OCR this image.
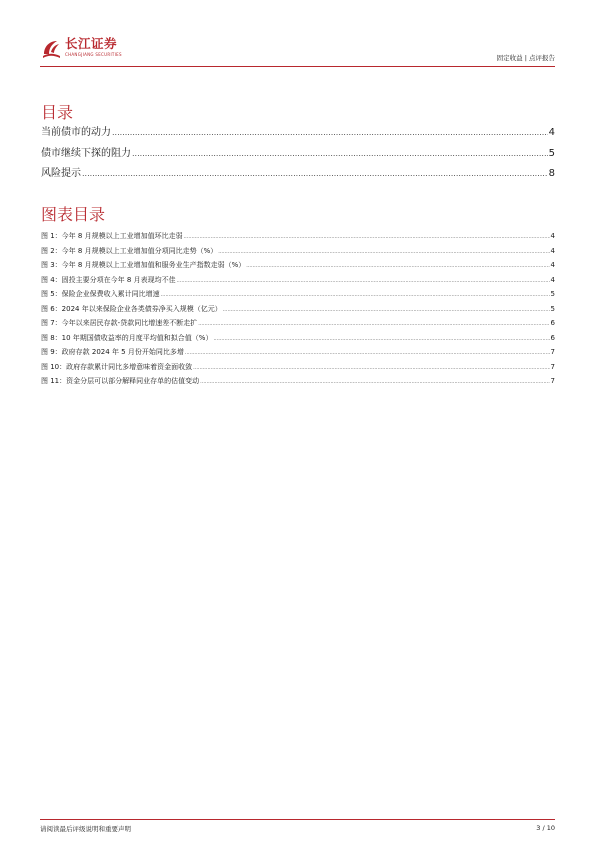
长江证券
CHANGJIANG SECURITIES	固定收益 | 点评报告
目录
当前债市的动力 .....	4
债市继续下探的阻力 .....	5
风险提示 .....	8
图表目录
图 1：今年 8 月规模以上工业增加值环比走弱 .....	4
图 2：今年 8 月规模以上工业增加值分项同比走势（%） .....	4
图 3：今年 8 月规模以上工业增加值和服务业生产指数走弱（%） .....	4
图 4：固投主要分项在今年 8 月表现均不佳 .....	4
图 5：保险企业保费收入累计同比增速 .....	5
图 6：2024 年以来保险企业各类债券净买入规模（亿元） .....	5
图 7：今年以来居民存款-贷款同比增速差不断走扩 .....	6
图 8：10 年期国债收益率的月度平均值和拟合值（%） .....	6
图 9：政府存款 2024 年 5 月份开始同比多增 .....	7
图 10：政府存款累计同比多增意味着资金面收敛 .....	7
图 11：资金分层可以部分解释同业存单的估值变动 .....	7
请阅读最后评级说明和重要声明	3 / 10
